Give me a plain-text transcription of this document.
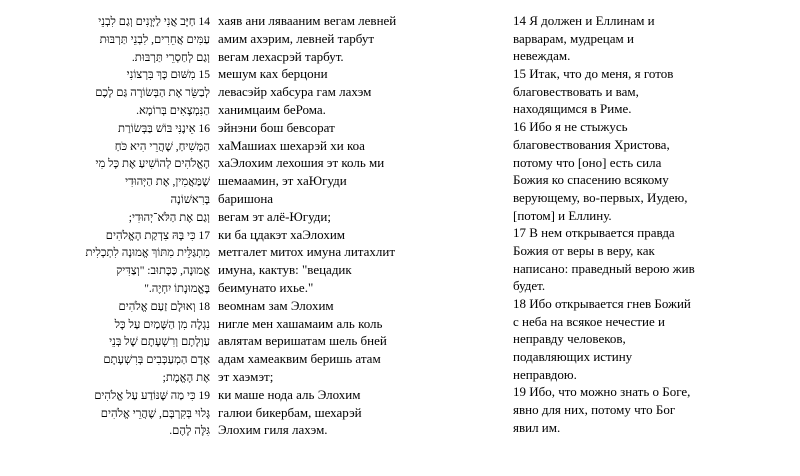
14 חַיָּב אֲנִי לַיְּוָנִים וְגַם לִבְנֵי
עַמִּים אֲחֵרִים, לִבְנֵי תַּרְבּוּת
וְגַם לְחַסְרֵי תַּרְבּוּת.
15 מִשּׁוּם כָּךְ בִּרְצוֹנִי
לְבַשֵּׂר אֶת הַבְּשׂוֹרָה גַּם לָכֶם
הַנִּמְצָאִים בְּרוֹמָא.
16 אֵינֶנִּי בּוֹשׁ בַּבְּשׂוֹרַת
הַמָּשִׁיחַ, שֶׁהֲרֵי הִיא כֹּחַ
הָאֱלֹהִים לְהוֹשִׁיעַ אֶת כָּל מִי
שֶׁמַּאֲמִין, אֶת הַיְּהוּדִי
בָּרִאשׁוֹנָה
וְגַם אֶת הַלֹּא־יְהוּדִי;
17 כִּי בָּהּ צִדְקַת הָאֱלֹהִים
מִתְגַּלֵּית מִתּוֹךְ אֱמוּנָה לִתְכְלִית
אֱמוּנָה, כַּכָּתוּב: "וְצַדִּיק
בֶּאֱמוּנָתוֹ יִחְיֶה."
18 וְאוּלָם זַעַם אֱלֹהִים
נִגְלֶה מִן הַשָּׁמַיִם עַל כָּל
עַוְלָתָם וְרִשְׁעָתָם שֶׁל בְּנֵי
אָדָם הַמְעַכְּבִים בְּרִשְׁעָתָם
אֶת הָאֱמֶת;
19 כִּי מַה שֶּׁנּוֹדַע עַל אֱלֹהִים
גָּלוּי בְּקִרְבָּם, שֶׁהֲרֵי אֱלֹהִים
גִּלָּה לָהֶם.
хаяв ани лявааним вегам левней
амим ахэрим, левней тарбут
вегам лехасрэй тарбут.
мешум ках берцони
левасэйр хабсура гам лахэм
ханимцаим беРома.
эйнэни бош бевсорат
хаМашиах шехарэй хи коа
хаЭлохим лехошия эт коль ми
шемаамин, эт хаЮгуди
баришона
вегам эт алё-Югуди;
ки ба цдакэт хаЭлохим
метгалет митох имуна литахлит
имуна, кактув: "вецадик
беимунато ихье."
веомнам зам Элохим
нигле мен хашамаим аль коль
авлятам веришатам шель бней
адам хамеаквим беришь атам
эт хаэмэт;
ки маше нода аль Элохим
галюи бикербам, шехарэй
Элохим гиля лахэм.
14 Я должен и Еллинам и
варварам, мудрецам и
невеждам.
15 Итак, что до меня, я готов
благовествовать и вам,
находящимся в Риме.
16 Ибо я не стыжусь
благовествования Христова,
потому что [оно] есть сила
Божия ко спасению всякому
верующему, во-первых, Иудею,
[потом] и Еллину.
17 В нем открывается правда
Божия от веры в веру, как
написано: праведный верою жив
будет.
18 Ибо открывается гнев Божий
с неба на всякое нечестие и
неправду человеков,
подавляющих истину
неправдою.
19 Ибо, что можно знать о Боге,
явно для них, потому что Бог
явил им.
